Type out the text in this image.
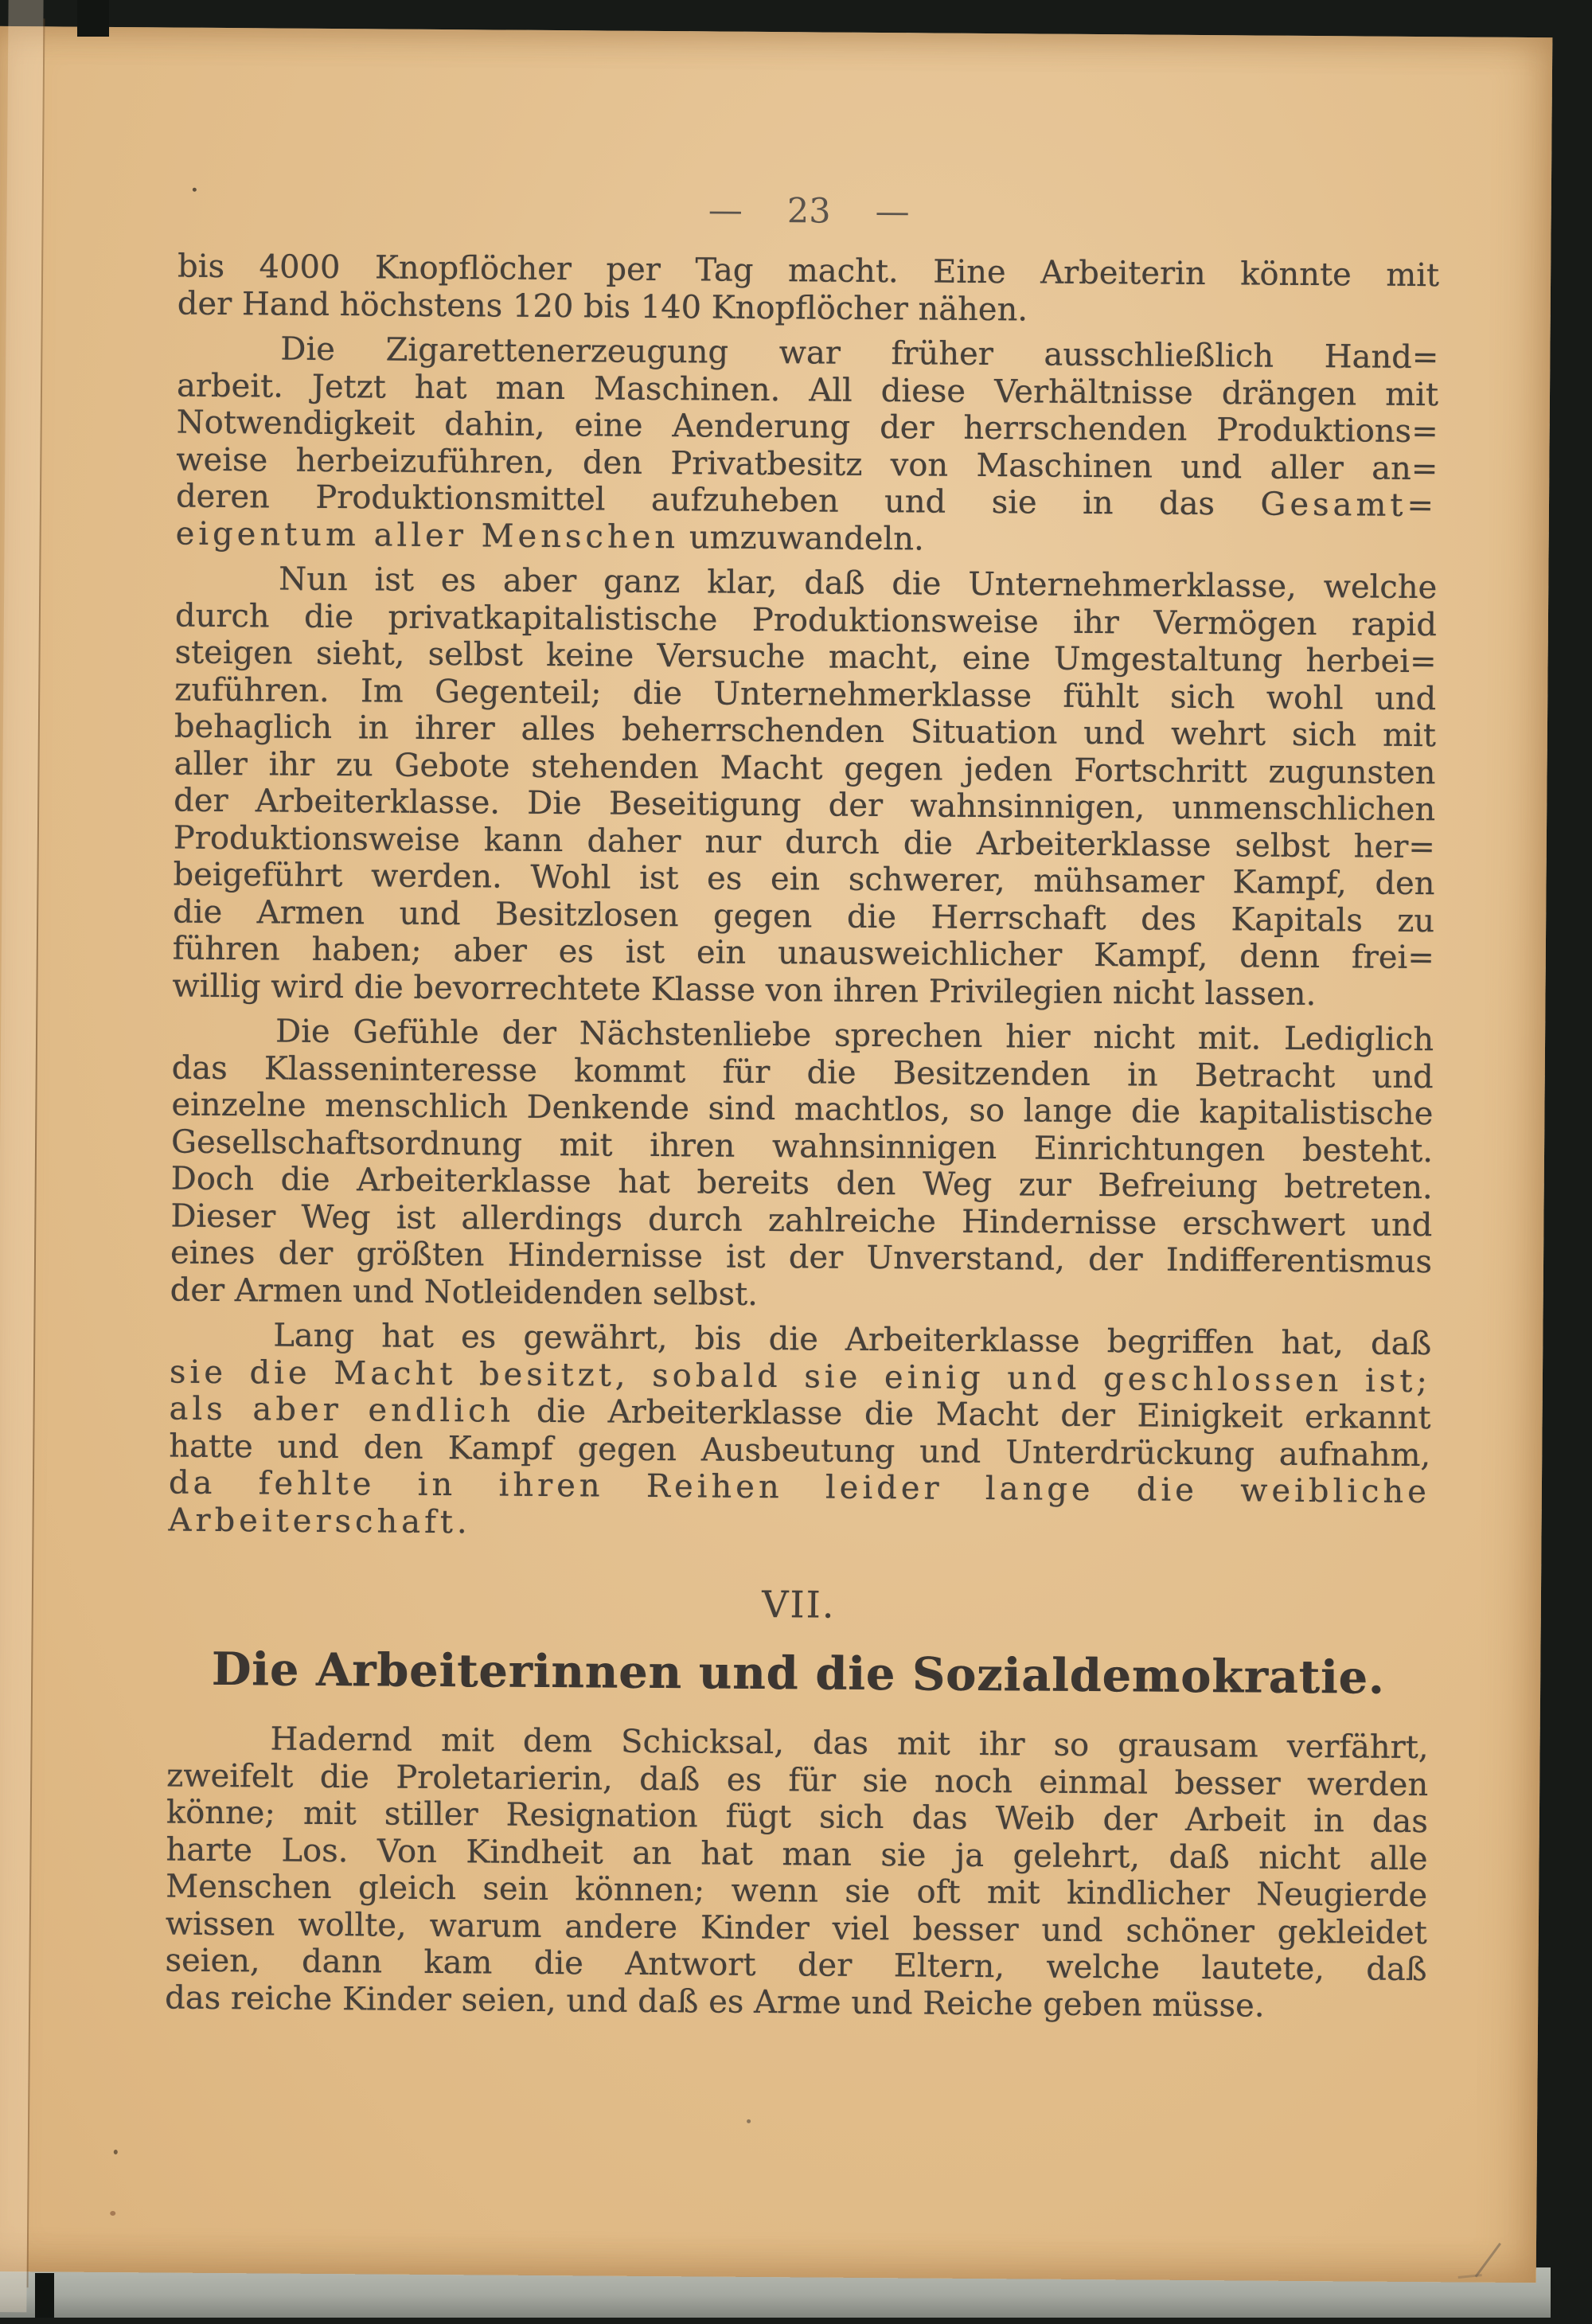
— 23 —
bis 4000 Knopflöcher per Tag macht. Eine Arbeiterin könnte mit
der Hand höchstens 120 bis 140 Knopflöcher nähen.
Die Zigarettenerzeugung war früher ausschließlich Hand=
arbeit. Jetzt hat man Maschinen. All diese Verhältnisse drängen mit
Notwendigkeit dahin, eine Aenderung der herrschenden Produktions=
weise herbeizuführen, den Privatbesitz von Maschinen und aller an=
deren Produktionsmittel aufzuheben und sie in das Gesamt=
eigentum aller Menschen umzuwandeln.
Nun ist es aber ganz klar, daß die Unternehmerklasse, welche
durch die privatkapitalistische Produktionsweise ihr Vermögen rapid
steigen sieht, selbst keine Versuche macht, eine Umgestaltung herbei=
zuführen. Im Gegenteil; die Unternehmerklasse fühlt sich wohl und
behaglich in ihrer alles beherrschenden Situation und wehrt sich mit
aller ihr zu Gebote stehenden Macht gegen jeden Fortschritt zugunsten
der Arbeiterklasse. Die Beseitigung der wahnsinnigen, unmenschlichen
Produktionsweise kann daher nur durch die Arbeiterklasse selbst her=
beigeführt werden. Wohl ist es ein schwerer, mühsamer Kampf, den
die Armen und Besitzlosen gegen die Herrschaft des Kapitals zu
führen haben; aber es ist ein unausweichlicher Kampf, denn frei=
willig wird die bevorrechtete Klasse von ihren Privilegien nicht lassen.
Die Gefühle der Nächstenliebe sprechen hier nicht mit. Lediglich
das Klasseninteresse kommt für die Besitzenden in Betracht und
einzelne menschlich Denkende sind machtlos, so lange die kapitalistische
Gesellschaftsordnung mit ihren wahnsinnigen Einrichtungen besteht.
Doch die Arbeiterklasse hat bereits den Weg zur Befreiung betreten.
Dieser Weg ist allerdings durch zahlreiche Hindernisse erschwert und
eines der größten Hindernisse ist der Unverstand, der Indifferentismus
der Armen und Notleidenden selbst.
Lang hat es gewährt, bis die Arbeiterklasse begriffen hat, daß
sie die Macht besitzt, sobald sie einig und geschlossen ist;
als aber endlich die Arbeiterklasse die Macht der Einigkeit erkannt
hatte und den Kampf gegen Ausbeutung und Unterdrückung aufnahm,
da fehlte in ihren Reihen leider lange die weibliche
Arbeiterschaft.
Hadernd mit dem Schicksal, das mit ihr so grausam verfährt,
zweifelt die Proletarierin, daß es für sie noch einmal besser werden
könne; mit stiller Resignation fügt sich das Weib der Arbeit in das
harte Los. Von Kindheit an hat man sie ja gelehrt, daß nicht alle
Menschen gleich sein können; wenn sie oft mit kindlicher Neugierde
wissen wollte, warum andere Kinder viel besser und schöner gekleidet
seien, dann kam die Antwort der Eltern, welche lautete, daß
das reiche Kinder seien, und daß es Arme und Reiche geben müsse.
VII.
Die Arbeiterinnen und die Sozialdemokratie.
